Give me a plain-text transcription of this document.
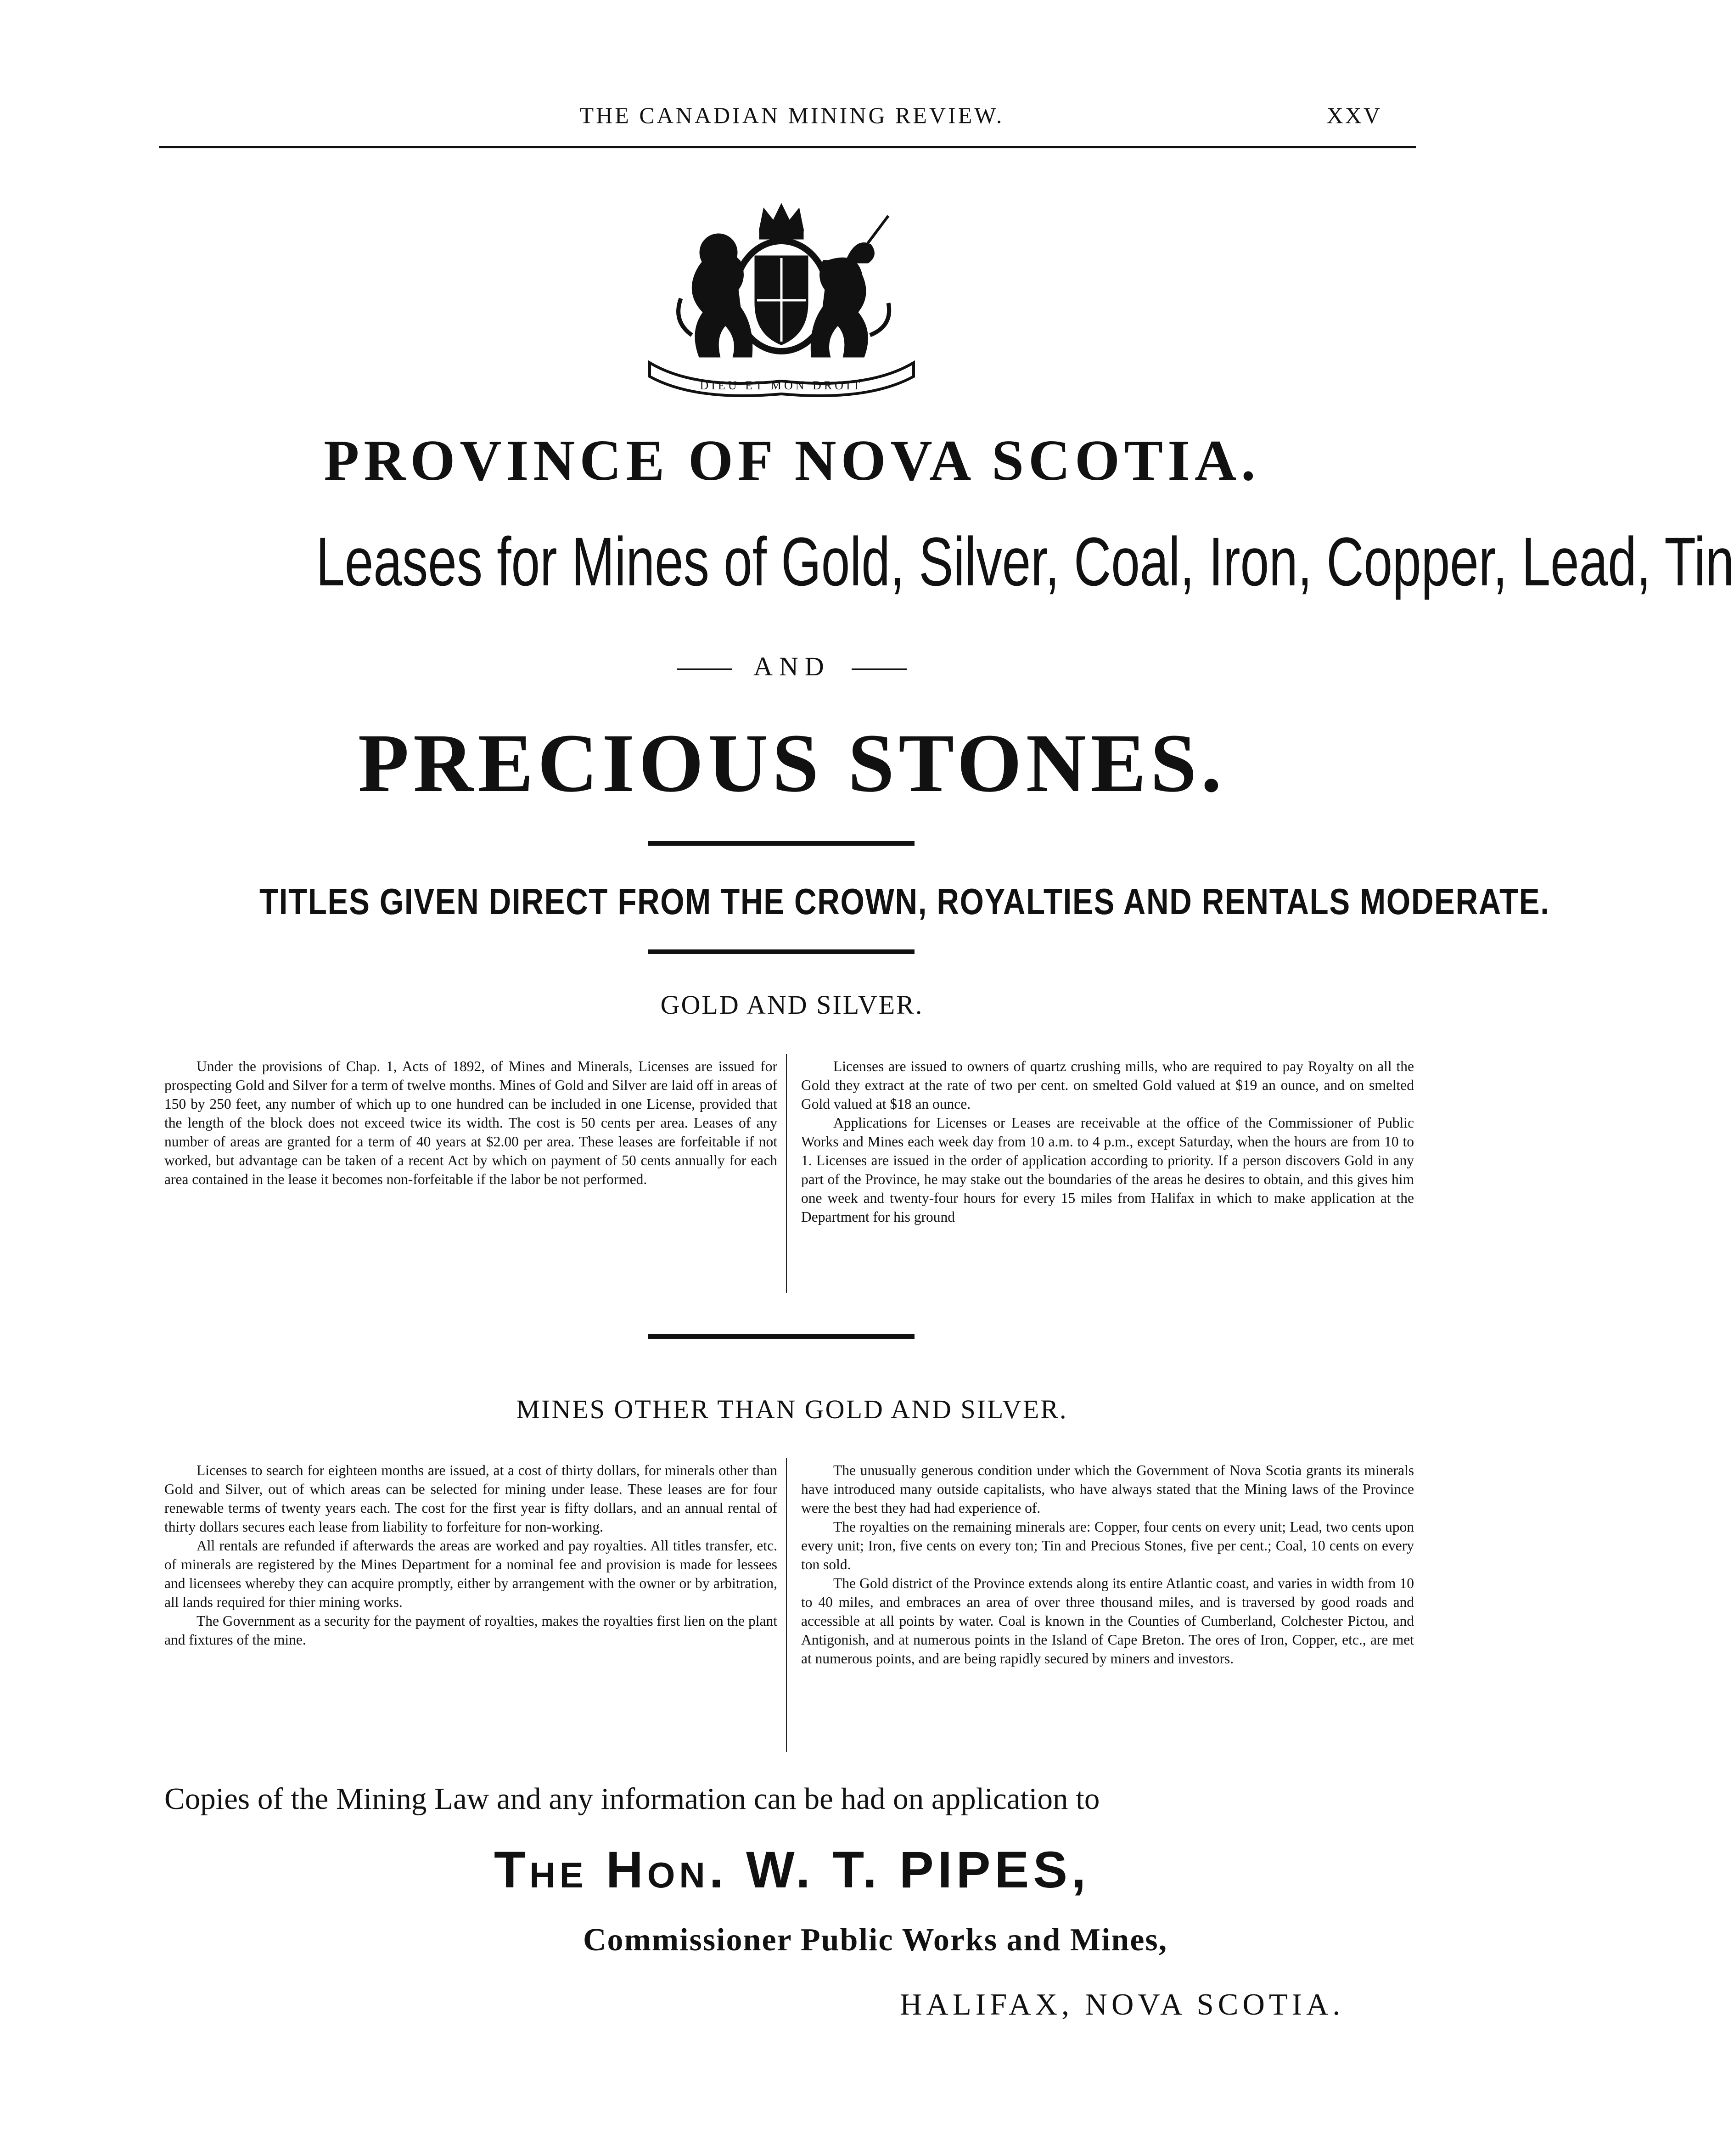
THE CANADIAN MINING REVIEW.	XXV
DIEU ET MON DROIT
PROVINCE OF NOVA SCOTIA.
Leases for Mines of Gold, Silver, Coal, Iron, Copper, Lead, Tin
AND
PRECIOUS STONES.
TITLES GIVEN DIRECT FROM THE CROWN, ROYALTIES AND RENTALS MODERATE.
GOLD AND SILVER.

Under the provisions of Chap. 1, Acts of 1892, of Mines and Minerals, Licenses are issued for prospecting Gold and Silver for a term of twelve months. Mines of Gold and Silver are laid off in areas of 150 by 250 feet, any number of which up to one hundred can be included in one License, provided that the length of the block does not exceed twice its width. The cost is 50 cents per area. Leases of any number of areas are granted for a term of 40 years at $2.00 per area. These leases are forfeitable if not worked, but advantage can be taken of a recent Act by which on payment of 50 cents annually for each area contained in the lease it becomes non-forfeitable if the labor be not performed.

Licenses are issued to owners of quartz crushing mills, who are required to pay Royalty on all the Gold they extract at the rate of two per cent. on smelted Gold valued at $19 an ounce, and on smelted Gold valued at $18 an ounce.

Applications for Licenses or Leases are receivable at the office of the Commissioner of Public Works and Mines each week day from 10 a.m. to 4 p.m., except Saturday, when the hours are from 10 to 1. Licenses are issued in the order of application according to priority. If a person discovers Gold in any part of the Province, he may stake out the boundaries of the areas he desires to obtain, and this gives him one week and twenty-four hours for every 15 miles from Halifax in which to make application at the Department for his ground

MINES OTHER THAN GOLD AND SILVER.

Licenses to search for eighteen months are issued, at a cost of thirty dollars, for minerals other than Gold and Silver, out of which areas can be selected for mining under lease. These leases are for four renewable terms of twenty years each. The cost for the first year is fifty dollars, and an annual rental of thirty dollars secures each lease from liability to forfeiture for non-working.

All rentals are refunded if afterwards the areas are worked and pay royalties. All titles transfer, etc. of minerals are registered by the Mines Department for a nominal fee and provision is made for lessees and licensees whereby they can acquire promptly, either by arrangement with the owner or by arbitration, all lands required for thier mining works.

The Government as a security for the payment of royalties, makes the royalties first lien on the plant and fixtures of the mine.

The unusually generous condition under which the Government of Nova Scotia grants its minerals have introduced many outside capitalists, who have always stated that the Mining laws of the Province were the best they had had experience of.

The royalties on the remaining minerals are: Copper, four cents on every unit; Lead, two cents upon every unit; Iron, five cents on every ton; Tin and Precious Stones, five per cent.; Coal, 10 cents on every ton sold.

The Gold district of the Province extends along its entire Atlantic coast, and varies in width from 10 to 40 miles, and embraces an area of over three thousand miles, and is traversed by good roads and accessible at all points by water. Coal is known in the Counties of Cumberland, Colchester Pictou, and Antigonish, and at numerous points in the Island of Cape Breton. The ores of Iron, Copper, etc., are met at numerous points, and are being rapidly secured by miners and investors.

Copies of the Mining Law and any information can be had on application to
The Hon. W. T. PIPES,
Commissioner Public Works and Mines,
HALIFAX, NOVA SCOTIA.
